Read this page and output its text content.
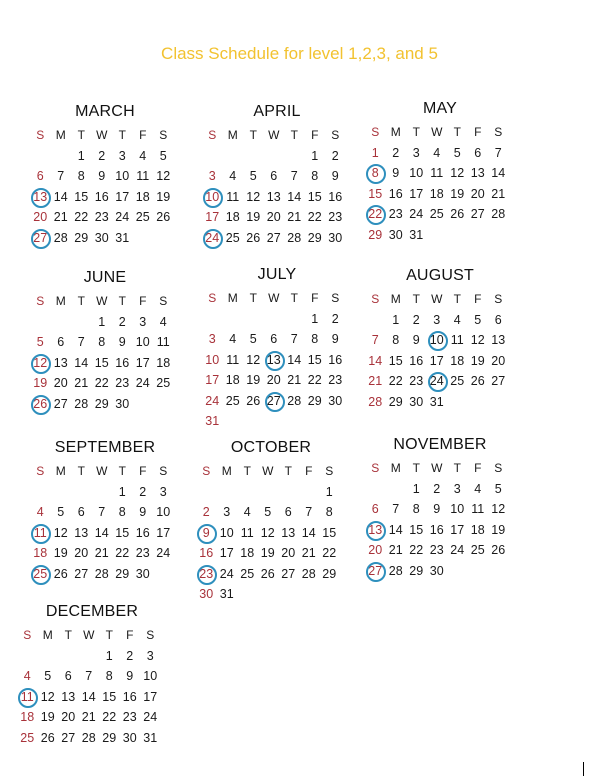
Class Schedule for level 1,2,3, and 5
MARCH
S	M	T	W	T	F	S
		1	2	3	4	5
6	7	8	9	10	11	12
13	14	15	16	17	18	19
20	21	22	23	24	25	26
27	28	29	30	31		
APRIL
S	M	T	W	T	F	S
					1	2
3	4	5	6	7	8	9
10	11	12	13	14	15	16
17	18	19	20	21	22	23
24	25	26	27	28	29	30
MAY
S	M	T	W	T	F	S
1	2	3	4	5	6	7
8	9	10	11	12	13	14
15	16	17	18	19	20	21
22	23	24	25	26	27	28
29	30	31				
JUNE
S	M	T	W	T	F	S
			1	2	3	4
5	6	7	8	9	10	11
12	13	14	15	16	17	18
19	20	21	22	23	24	25
26	27	28	29	30		
JULY
S	M	T	W	T	F	S
					1	2
3	4	5	6	7	8	9
10	11	12	13	14	15	16
17	18	19	20	21	22	23
24	25	26	27	28	29	30
31						
AUGUST
S	M	T	W	T	F	S
	1	2	3	4	5	6
7	8	9	10	11	12	13
14	15	16	17	18	19	20
21	22	23	24	25	26	27
28	29	30	31			
SEPTEMBER
S	M	T	W	T	F	S
				1	2	3
4	5	6	7	8	9	10
11	12	13	14	15	16	17
18	19	20	21	22	23	24
25	26	27	28	29	30	
OCTOBER
S	M	T	W	T	F	S
						1
2	3	4	5	6	7	8
9	10	11	12	13	14	15
16	17	18	19	20	21	22
23	24	25	26	27	28	29
30	31					
NOVEMBER
S	M	T	W	T	F	S
		1	2	3	4	5
6	7	8	9	10	11	12
13	14	15	16	17	18	19
20	21	22	23	24	25	26
27	28	29	30			
DECEMBER
S	M	T	W	T	F	S
				1	2	3
4	5	6	7	8	9	10
11	12	13	14	15	16	17
18	19	20	21	22	23	24
25	26	27	28	29	30	31
